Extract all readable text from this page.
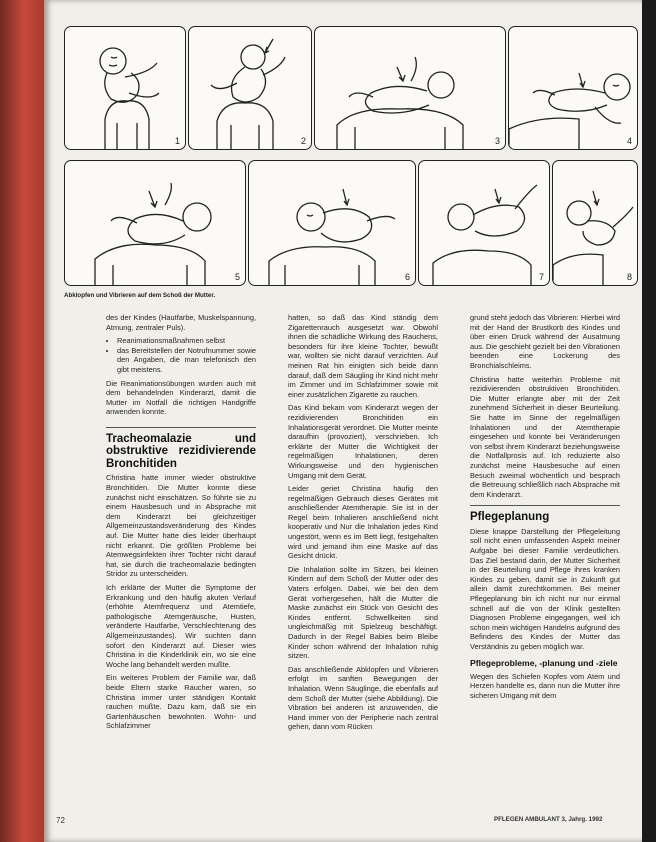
1	2	3	4
5	6	7	8
Abklopfen und Vibrieren auf dem Schoß der Mutter.

des der Kindes (Hautfarbe, Muskelspannung, Atmung, zentraler Puls).

• Reanimationsmaßnahmen selbst
• das Bereitstellen der Notrufnummer sowie den Angaben, die man telefonisch den gibt meistens.

Die Reanimationsübungen wurden auch mit dem behandelnden Kinderarzt, damit die Mutter im Notfall die richtigen Handgriffe anwenden konnte.

Tracheomalazie und obstruktive rezidivierende Bronchitiden

Christina hatte immer wieder obstruktive Bronchitiden. Die Mutter konnte diese zunächst nicht einschätzen. So führte sie zu einem Hausbesuch und in Absprache mit dem Kinderarzt bei gleichzeitiger Allgemeinzustandsveränderung des Kindes auf. Die Mutter hatte dies leider überhaupt nicht erkannt. Die größten Probleme bei Atemwegsinfekten ihrer Tochter nicht darauf hat, sie durch die tracheomalazie bedingten Stridor zu unterscheiden.

Ich erklärte der Mutter die Symptome der Erkrankung und den häufig akuten Verlauf (erhöhte Atemfrequenz und Atemtiefe, pathologische Atemgeräusche, Husten, veränderte Hautfarbe, Verschlechterung des Allgemeinzustandes). Wir suchten dann sofort den Kinderarzt auf. Dieser wies Christina in die Kinderklinik ein, wo sie eine Woche lang behandelt werden mußte.

Ein weiteres Problem der Familie war, daß beide Eltern starke Raucher waren, so Christina immer unter ständigen Kontakt rauchen mußte. Dazu kam, daß sie ein Gartenhäuschen bewohnten. Wohn- und Schlafzimmer

hatten, so daß das Kind ständig dem Zigarettenrauch ausgesetzt war. Obwohl ihnen die schädliche Wirkung des Rauchens, besonders für ihre kleine Tochter, bewußt war, wollten sie nicht darauf verzichten. Auf meinen Rat hin einigten sich beide dann darauf, daß dem Säugling ihr Kind nicht mehr im Zimmer und im Schlafzimmer sowie mit einer zusätzlichen Zigarette zu rauchen.

Das Kind bekam vom Kinderarzt wegen der rezidivierenden Bronchitiden ein Inhalationsgerät verordnet. Die Mutter meinte daraufhin (provoziert), verschrieben. Ich erklärte der Mutter die Wichtigkeit der regelmäßigen Inhalationen, deren Wirkungsweise und den hygienischen Umgang mit dem Gerät.

Leider geriet Christina häufig den regelmäßigen Gebrauch dieses Gerätes mit anschließender Atemtherapie. Sie ist in der Regel beim Inhalieren anschließend nicht kooperativ und Nur die Inhalation jedes Kind ungestört, wenn es im Bett liegt, festgehalten wird und jemand ihm eine Maske auf das Gesicht drückt.

Die Inhalation sollte im Sitzen, bei kleinen Kindern auf dem Schoß der Mutter oder des Vaters erfolgen. Dabei, wie bei den dem Gerät vorhergesehen, hält die Mutter die Maske zunächst ein Stück von Gesicht des Kindes entfernt. Schwellkeiten sind ungleichmäßig mit Spielzeug beschäftigt. Dadurch in der Regel Babies beim Bleibe Kinder schon während der Inhalation ruhig sitzen.

Das anschließende Abklopfen und Vibrieren erfolgt im sanften Bewegungen der Inhalation. Wenn Säuglinge, die ebenfalls auf dem Schoß der Mutter (siehe Abbildung). Die Vibration bei anderen ist anzuwenden, die Hand immer von der Peripherie nach zentral gehen, dann vom Rücken

grund steht jedoch das Vibrieren: Hierbei wird mit der Hand der Brustkorb des Kindes und über einen Druck während der Ausatmung aus. Die geschieht gezielt bei den Vibrationen beenden eine Lockerung des Bronchialschleims.

Christina hatte weiterhin Probleme mit rezidivierenden obstruktiven Bronchitiden. Die Mutter erlangte aber mit der Zeit zunehmend Sicherheit in dieser Beurteilung. Sie hatte im Sinne der regelmäßigen Inhalationen und der Atemtherapie eingesehen und konnte bei Veränderungen von selbst ihrem Kinderarzt beziehungsweise die Notfallprosis auf. Ich reduzierte also zunächst meine Hausbesuche auf einen Besuch zweimal wöchentlich und besprach die Betreuung schließlich nach Absprache mit dem Kinderarzt.

Pflegeplanung

Diese knappe Darstellung der Pflegeleitung soll nicht einen umfassenden Aspekt meiner Aufgabe bei dieser Familie verdeutlichen. Das Ziel bestand darin, der Mutter Sicherheit in der Beurteilung und Pflege ihres kranken Kindes zu geben, damit sie in Zukunft gut allein damit zurechtkommen. Bei meiner Pflegeplanung bin ich nicht nur nur einmal schnell auf die von der Klinik gestellten Diagnosen Probleme eingegangen, weil ich schon mein wichtigen Handelns aufgrund des Befindens des Kindes der Mutter das Verständnis zu geben möglich war.

Pflegeprobleme, -planung und -ziele

Wegen des Schiefen Kopfes vom Atem und Herzen handelte es, dann nun die Mutter ihre sicheren Umgang mit dem

72	PFLEGEN AMBULANT 3, Jahrg. 1992
